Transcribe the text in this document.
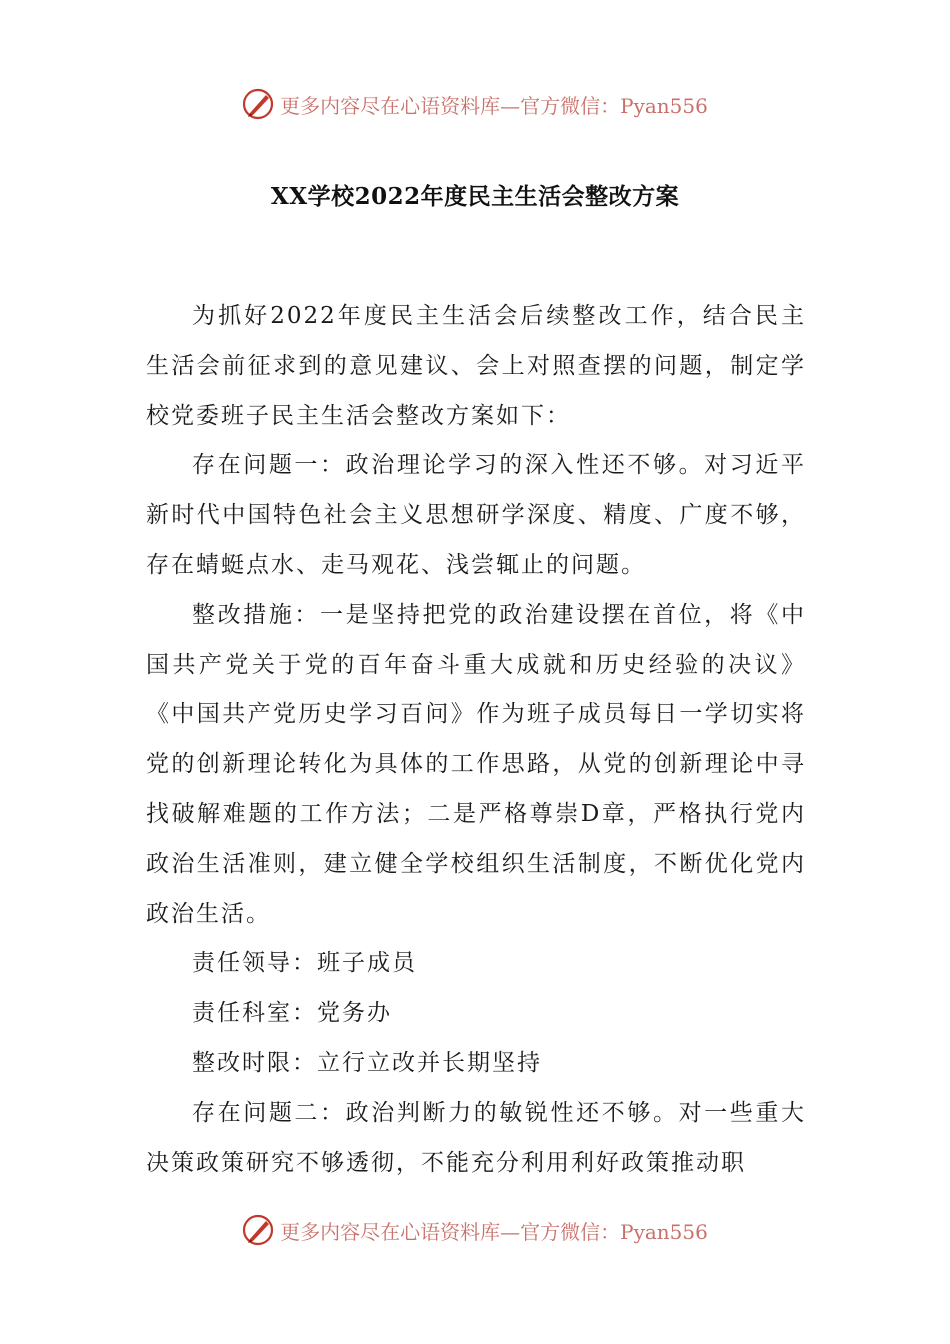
更多内容尽在心语资料库—官方微信：Pyan556
XX学校2022年度民主生活会整改方案

为抓好2022年度民主生活会后续整改工作，结合民主生活会前征求到的意见建议、会上对照查摆的问题，制定学校党委班子民主生活会整改方案如下：

存在问题一：政治理论学习的深入性还不够。对习近平新时代中国特色社会主义思想研学深度、精度、广度不够，存在蜻蜓点水、走马观花、浅尝辄止的问题。

整改措施：一是坚持把党的政治建设摆在首位，将《中国共产党关于党的百年奋斗重大成就和历史经验的决议》《中国共产党历史学习百问》作为班子成员每日一学切实将党的创新理论转化为具体的工作思路，从党的创新理论中寻找破解难题的工作方法；二是严格尊崇D章，严格执行党内政治生活准则，建立健全学校组织生活制度，不断优化党内政治生活。

责任领导：班子成员

责任科室：党务办

整改时限：立行立改并长期坚持

存在问题二：政治判断力的敏锐性还不够。对一些重大决策政策研究不够透彻，不能充分利用利好政策推动职

更多内容尽在心语资料库—官方微信：Pyan556
